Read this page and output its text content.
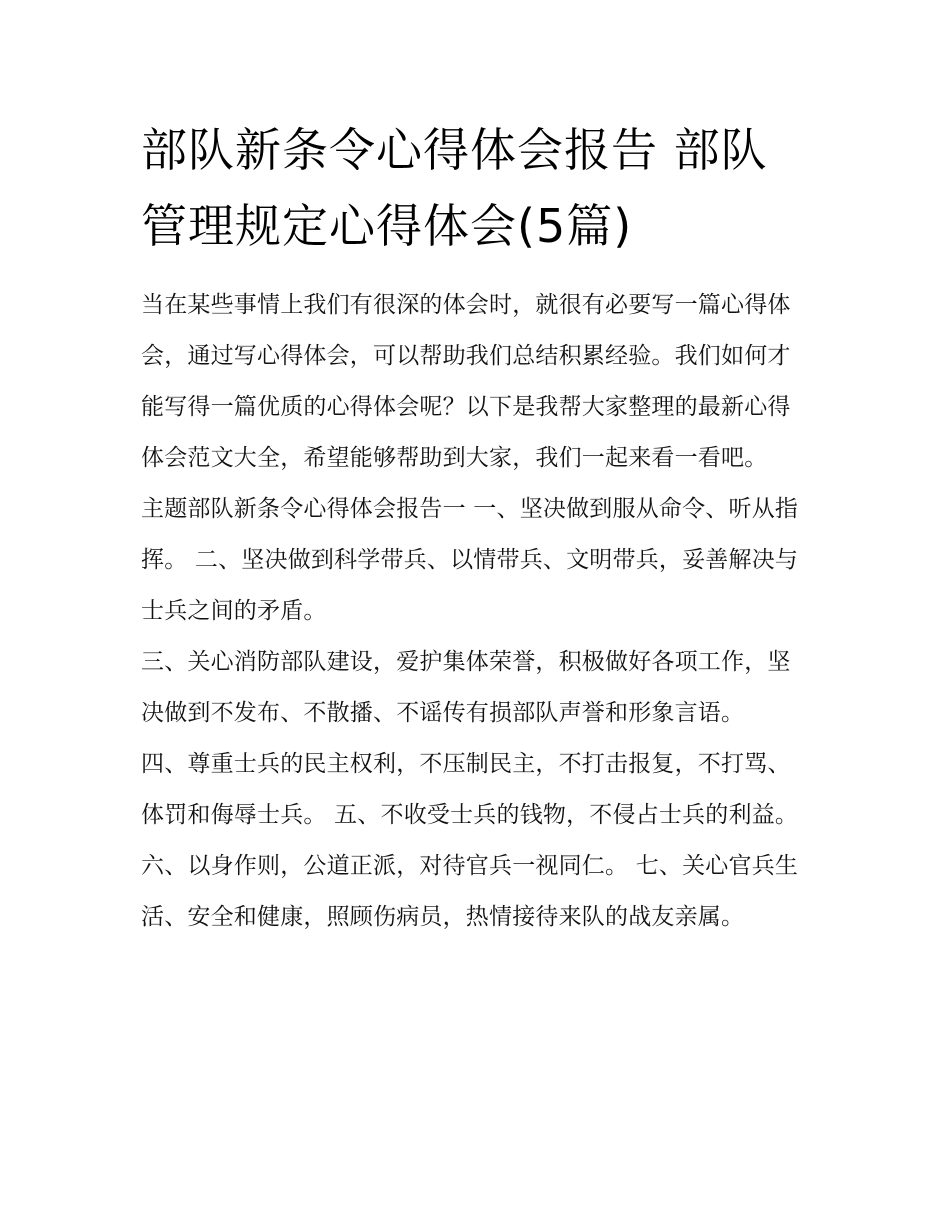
部队新条令心得体会报告 部队管理规定心得体会(5篇)

当在某些事情上我们有很深的体会时，就很有必要写一篇心得体会，通过写心得体会，可以帮助我们总结积累经验。我们如何才能写得一篇优质的心得体会呢？以下是我帮大家整理的最新心得体会范文大全，希望能够帮助到大家，我们一起来看一看吧。

主题部队新条令心得体会报告一 一、坚决做到服从命令、听从指挥。 二、坚决做到科学带兵、以情带兵、文明带兵，妥善解决与士兵之间的矛盾。

三、关心消防部队建设，爱护集体荣誉，积极做好各项工作，坚决做到不发布、不散播、不谣传有损部队声誉和形象言语。

四、尊重士兵的民主权利，不压制民主，不打击报复，不打骂、体罚和侮辱士兵。 五、不收受士兵的钱物，不侵占士兵的利益。

六、以身作则，公道正派，对待官兵一视同仁。 七、关心官兵生活、安全和健康，照顾伤病员，热情接待来队的战友亲属。
